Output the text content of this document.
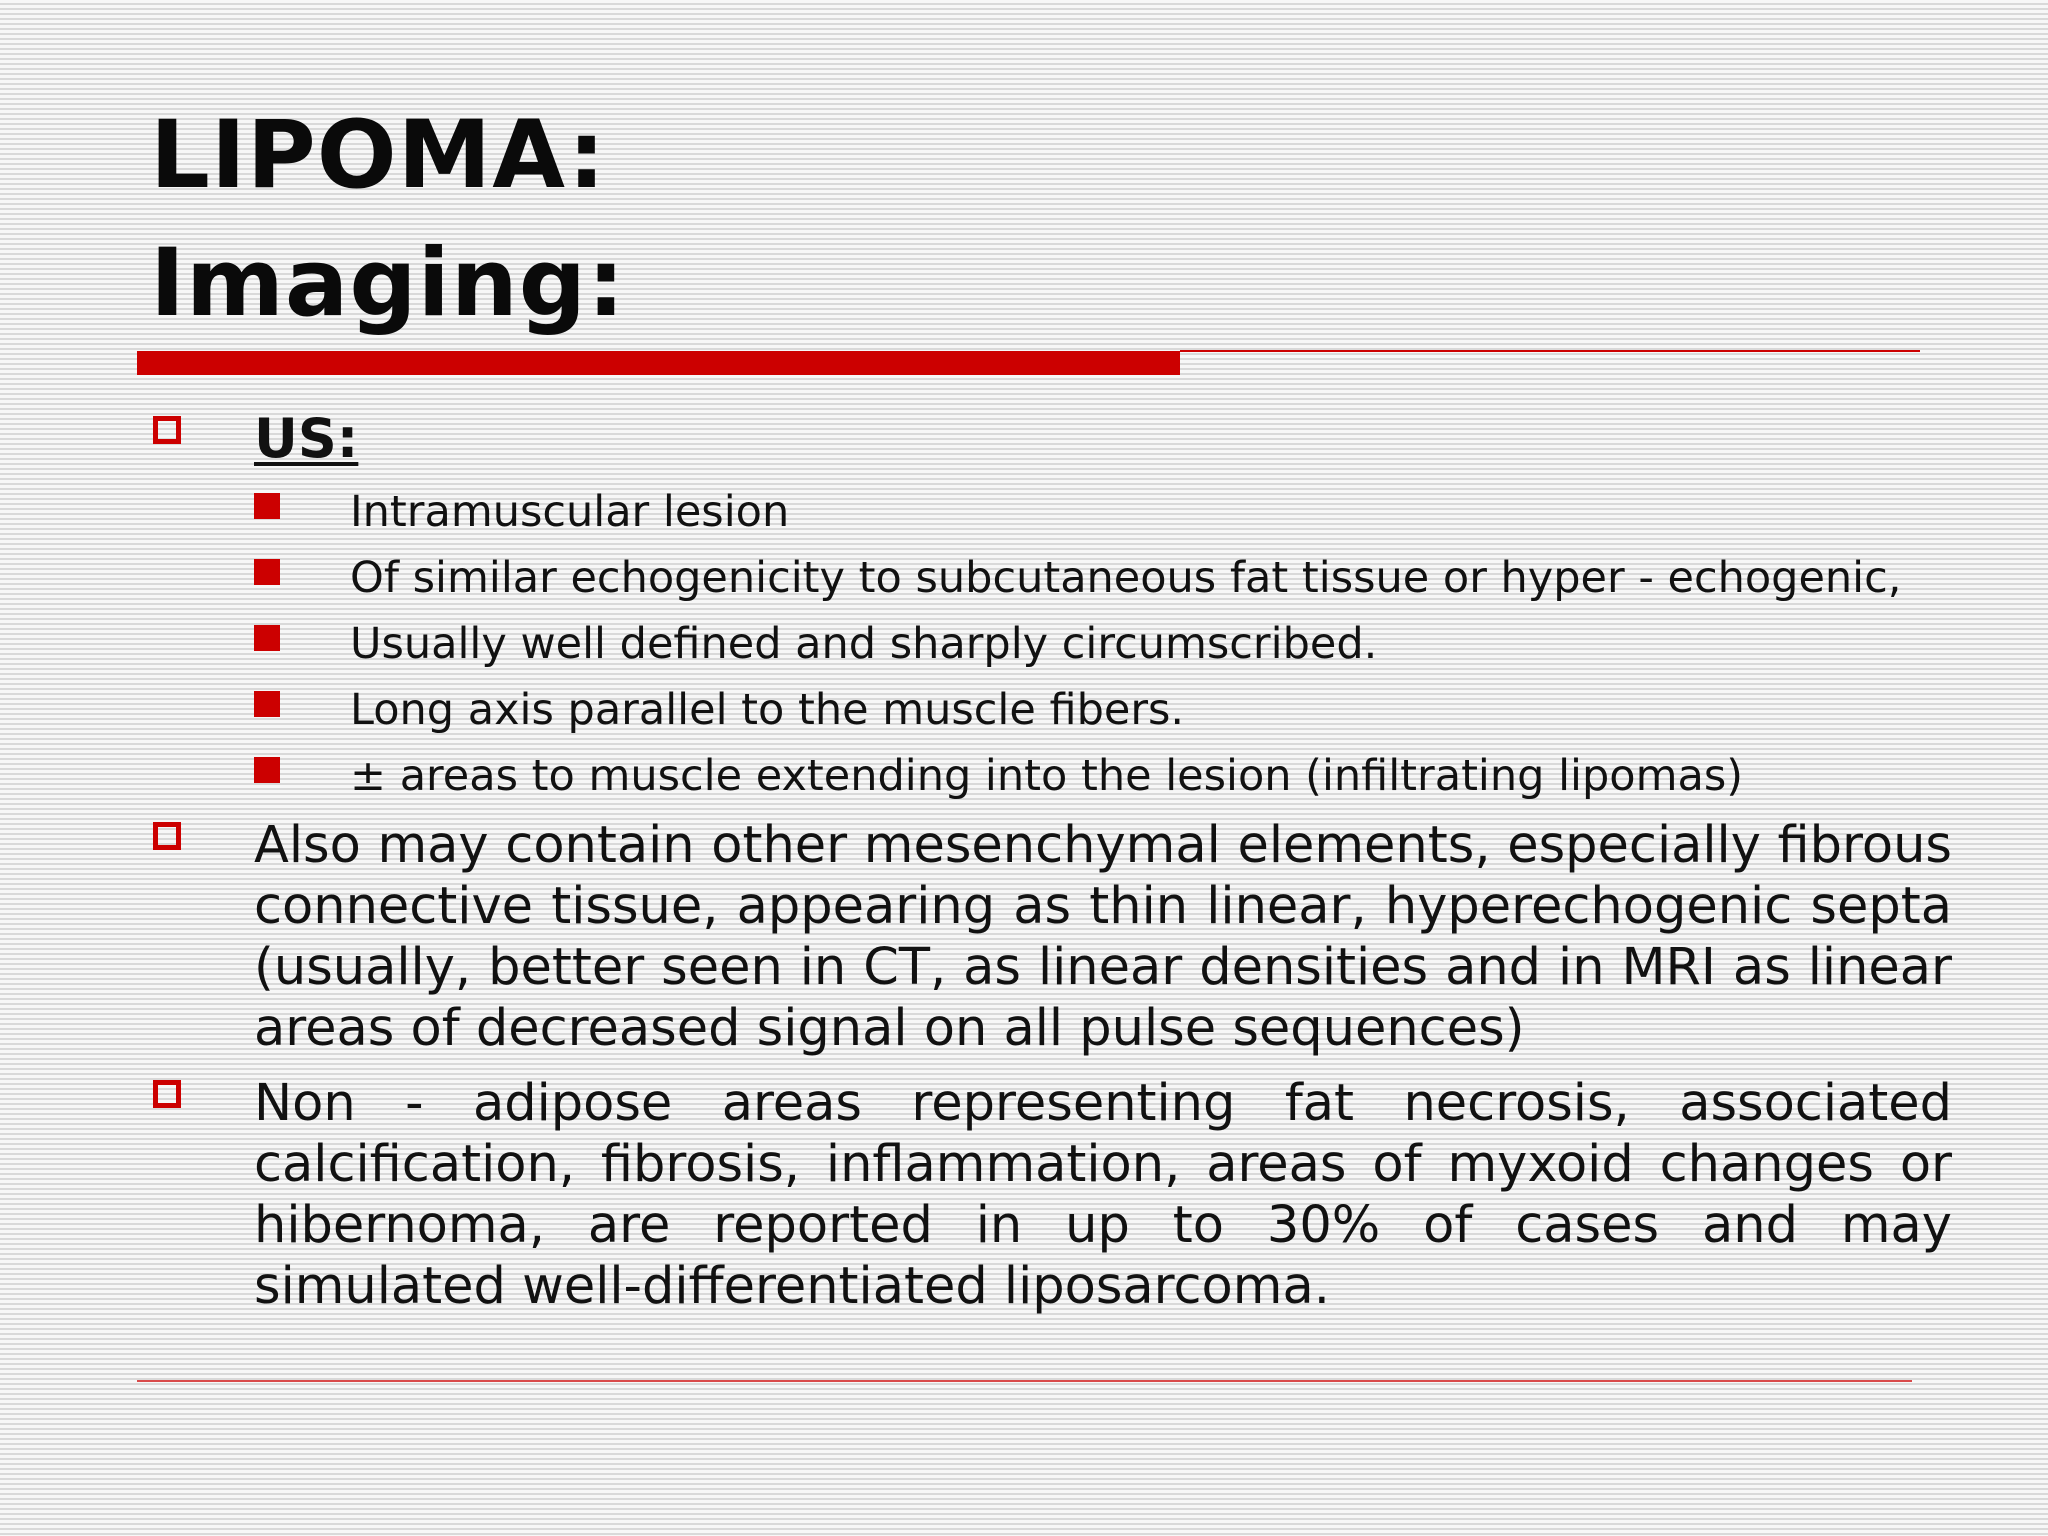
LIPOMA:
Imaging:
US:
Intramuscular lesion
Of similar echogenicity to subcutaneous fat tissue or hyper - echogenic,
Usually well defined and sharply circumscribed.
Long axis parallel to the muscle fibers.
± areas to muscle extending into the lesion (infiltrating lipomas)
Also may contain other mesenchymal elements, especially fibrous connective tissue, appearing as thin linear, hyperechogenic septa (usually, better seen in CT, as linear densities and in MRI as linear areas of decreased signal on all pulse sequences)
Non - adipose areas representing fat necrosis, associated calcification, fibrosis, inflammation, areas of myxoid changes or hibernoma, are reported in up to 30% of cases and may simulated well-differentiated liposarcoma.
